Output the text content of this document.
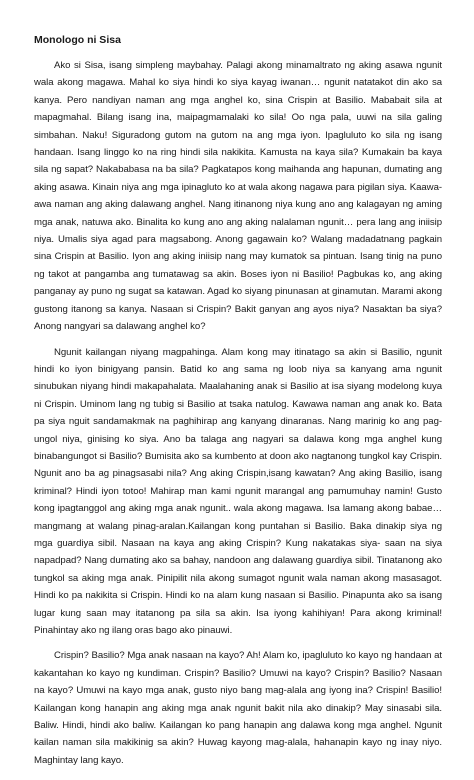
Monologo ni Sisa

Ako si Sisa, isang simpleng maybahay. Palagi akong minamaltrato ng aking asawa ngunit wala akong magawa. Mahal ko siya hindi ko siya kayag iwanan… ngunit natatakot din ako sa kanya. Pero nandiyan naman ang mga anghel ko, sina Crispin at Basilio. Mababait sila at mapagmahal. Bilang isang ina, maipagmamalaki ko sila! Oo nga pala, uuwi na sila galing simbahan. Naku! Siguradong gutom na gutom na ang mga iyon. Ipagluluto ko sila ng isang handaan. Isang linggo ko na ring hindi sila nakikita. Kamusta na kaya sila? Kumakain ba kaya sila ng sapat? Nakababasa na ba sila? Pagkatapos kong maihanda ang hapunan, dumating ang aking asawa. Kinain niya ang mga ipinagluto ko at wala akong nagawa para pigilan siya. Kaawa-awa naman ang aking dalawang anghel. Nang itinanong niya kung ano ang kalagayan ng aming mga anak, natuwa ako. Binalita ko kung ano ang aking nalalaman ngunit… pera lang ang iniisip niya. Umalis siya agad para magsabong. Anong gagawain ko? Walang madadatnang pagkain sina Crispin at Basilio. Iyon ang aking iniisip nang may kumatok sa pintuan. Isang tinig na puno ng takot at pangamba ang tumatawag sa akin. Boses iyon ni Basilio! Pagbukas ko, ang aking panganay ay puno ng sugat sa katawan. Agad ko siyang pinunasan at ginamutan. Marami akong gustong itanong sa kanya. Nasaan si Crispin? Bakit ganyan ang ayos niya? Nasaktan ba siya? Anong nangyari sa dalawang anghel ko?

Ngunit kailangan niyang magpahinga. Alam kong may itinatago sa akin si Basilio, ngunit hindi ko iyon binigyang pansin. Batid ko ang sama ng loob niya sa kanyang ama ngunit sinubukan niyang hindi makapahalata. Maalahaning anak si Basilio at isa siyang modelong kuya ni Crispin. Uminom lang ng tubig si Basilio at tsaka natulog. Kawawa naman ang anak ko. Bata pa siya nguit sandamakmak na paghihirap ang kanyang dinaranas. Nang marinig ko ang pag-ungol niya, ginising ko siya. Ano ba talaga ang nagyari sa dalawa kong mga anghel kung binabangungot si Basilio? Bumisita ako sa kumbento at doon ako nagtanong tungkol kay Crispin. Ngunit ano ba ag pinagsasabi nila? Ang aking Crispin,isang kawatan? Ang aking Basilio, isang kriminal? Hindi iyon totoo! Mahirap man kami ngunit marangal ang pamumuhay namin! Gusto kong ipagtanggol ang aking mga anak ngunit.. wala akong magawa. Isa lamang akong babae… mangmang at walang pinag-aralan.Kailangan kong puntahan si Basilio. Baka dinakip siya ng mga guardiya sibil. Nasaan na kaya ang aking Crispin? Kung nakatakas siya- saan na siya napadpad? Nang dumating ako sa bahay, nandoon ang dalawang guardiya sibil. Tinatanong ako tungkol sa aking mga anak. Pinipilit nila akong sumagot ngunit wala naman akong masasagot. Hindi ko pa nakikita si Crispin. Hindi ko na alam kung nasaan si Basilio. Pinapunta ako sa isang lugar kung saan may itatanong pa sila sa akin. Isa iyong kahihiyan! Para akong kriminal! Pinahintay ako ng ilang oras bago ako pinauwi.

Crispin? Basilio? Mga anak nasaan na kayo? Ah! Alam ko, ipagluluto ko kayo ng handaan at kakantahan ko kayo ng kundiman. Crispin? Basilio? Umuwi na kayo? Crispin? Basilio? Nasaan na kayo? Umuwi na kayo mga anak, gusto niyo bang mag-alala ang iyong ina? Crispin! Basilio! Kailangan kong hanapin ang aking mga anak ngunit bakit nila ako dinakip? May sinasabi sila. Baliw. Hindi, hindi ako baliw. Kailangan ko pang hanapin ang dalawa kong mga anghel. Ngunit kailan naman sila makikinig sa akin? Huwag kayong mag-alala, hahanapin kayo ng inay niyo. Maghintay lang kayo.
